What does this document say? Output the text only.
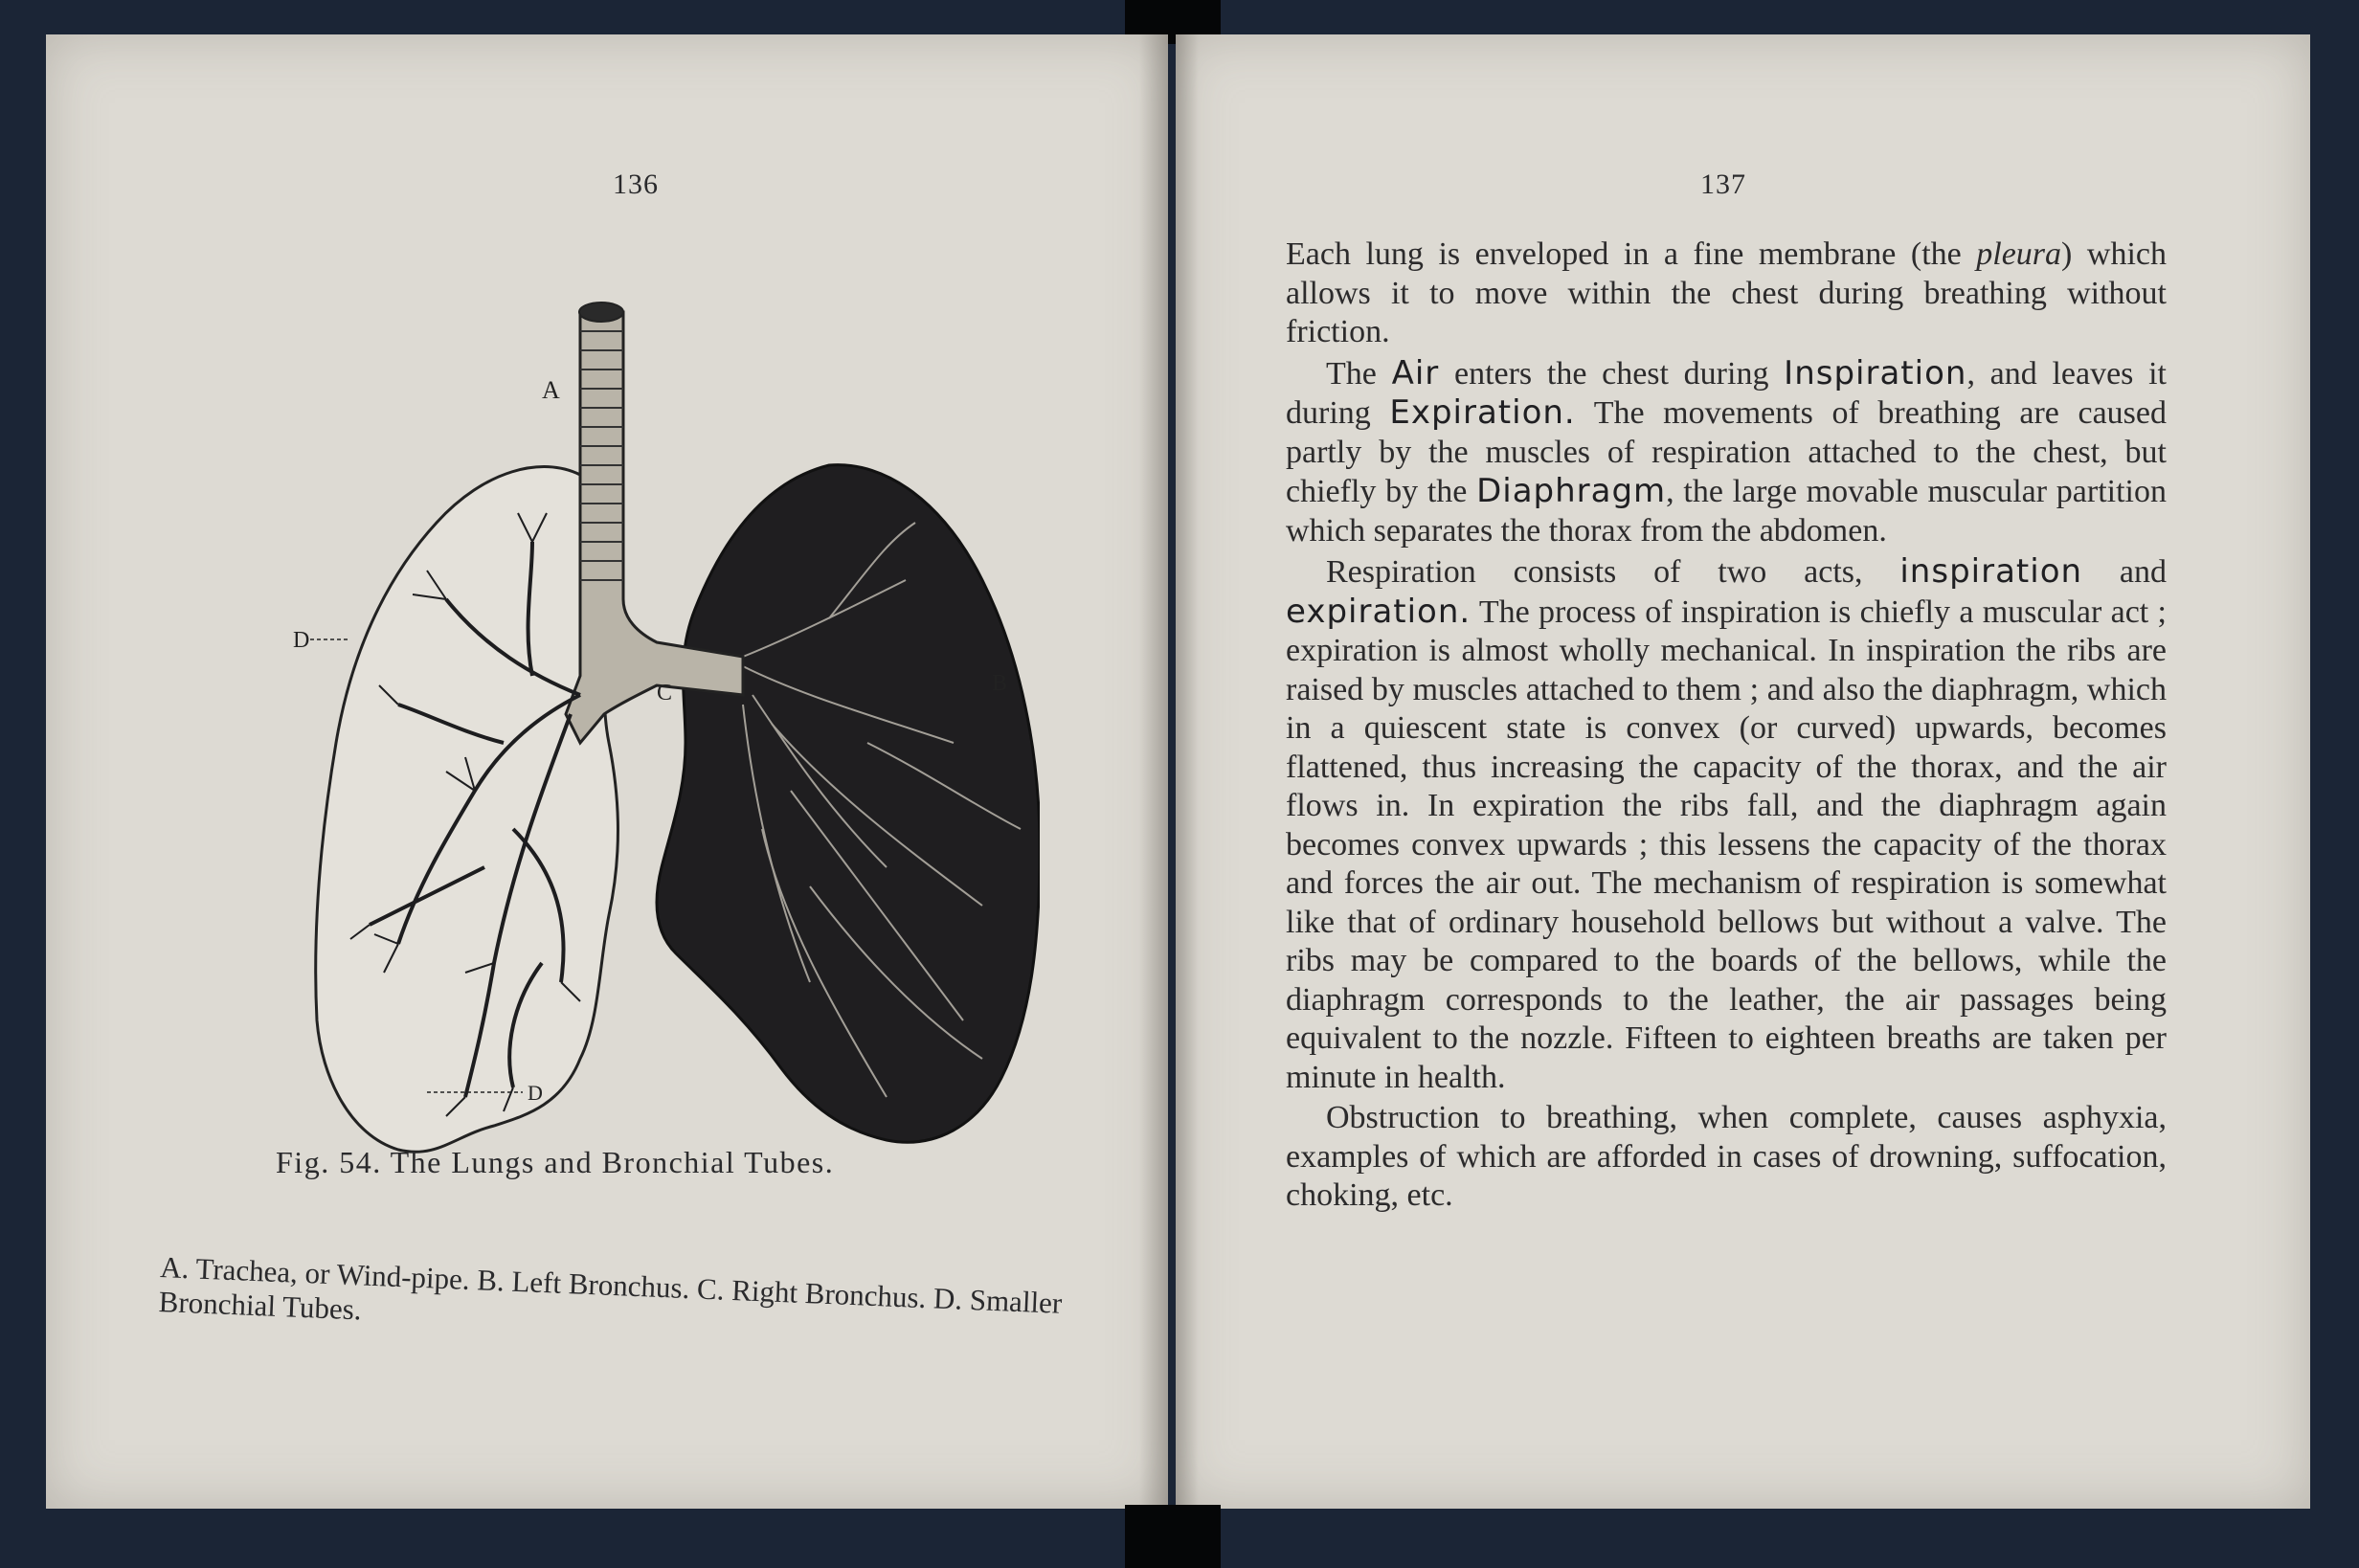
136
A
D
C	B
D
Fig. 54. The Lungs and Bronchial Tubes.
A. Trachea, or Wind-pipe. B. Left Bronchus. C. Right Bronchus. D. Smaller Bronchial Tubes.
137

Each lung is enveloped in a fine membrane (the pleura) which allows it to move within the chest during breathing without friction.

The Air enters the chest during Inspiration, and leaves it during Expiration. The movements of breathing are caused partly by the muscles of respiration attached to the chest, but chiefly by the Diaphragm, the large movable muscular partition which separates the thorax from the abdomen.

Respiration consists of two acts, inspiration and expiration. The process of inspiration is chiefly a muscular act ; expiration is almost wholly mechanical. In inspiration the ribs are raised by muscles attached to them ; and also the diaphragm, which in a quiescent state is convex (or curved) upwards, becomes flattened, thus increasing the capacity of the thorax, and the air flows in. In expiration the ribs fall, and the diaphragm again becomes convex upwards ; this lessens the capacity of the thorax and forces the air out. The mechanism of respiration is somewhat like that of ordinary household bellows but without a valve. The ribs may be compared to the boards of the bellows, while the diaphragm corresponds to the leather, the air passages being equivalent to the nozzle. Fifteen to eighteen breaths are taken per minute in health.

Obstruction to breathing, when complete, causes asphyxia, examples of which are afforded in cases of drowning, suffocation, choking, etc.
